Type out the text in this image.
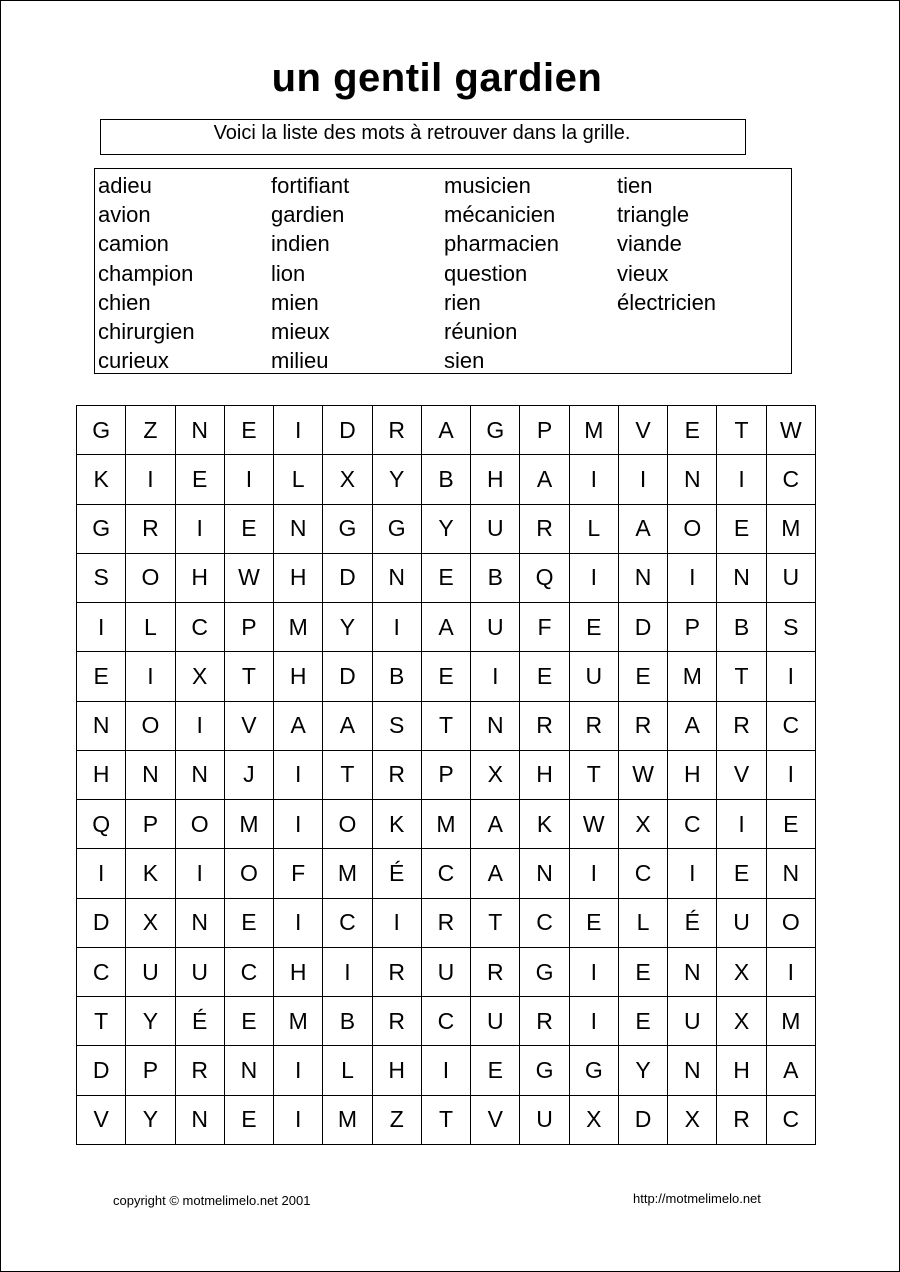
un gentil gardien
Voici la liste des mots à retrouver dans la grille.
adieu
avion
camion
champion
chien
chirurgien
curieux
fortifiant
gardien
indien
lion
mien
mieux
milieu
musicien
mécanicien
pharmacien
question
rien
réunion
sien
tien
triangle
viande
vieux
électricien
G	Z	N	E	I	D	R	A	G	P	M	V	E	T	W
K	I	E	I	L	X	Y	B	H	A	I	I	N	I	C
G	R	I	E	N	G	G	Y	U	R	L	A	O	E	M
S	O	H	W	H	D	N	E	B	Q	I	N	I	N	U
I	L	C	P	M	Y	I	A	U	F	E	D	P	B	S
E	I	X	T	H	D	B	E	I	E	U	E	M	T	I
N	O	I	V	A	A	S	T	N	R	R	R	A	R	C
H	N	N	J	I	T	R	P	X	H	T	W	H	V	I
Q	P	O	M	I	O	K	M	A	K	W	X	C	I	E
I	K	I	O	F	M	É	C	A	N	I	C	I	E	N
D	X	N	E	I	C	I	R	T	C	E	L	É	U	O
C	U	U	C	H	I	R	U	R	G	I	E	N	X	I
T	Y	É	E	M	B	R	C	U	R	I	E	U	X	M
D	P	R	N	I	L	H	I	E	G	G	Y	N	H	A
V	Y	N	E	I	M	Z	T	V	U	X	D	X	R	C
copyright © motmelimelo.net 2001	http://motmelimelo.net
